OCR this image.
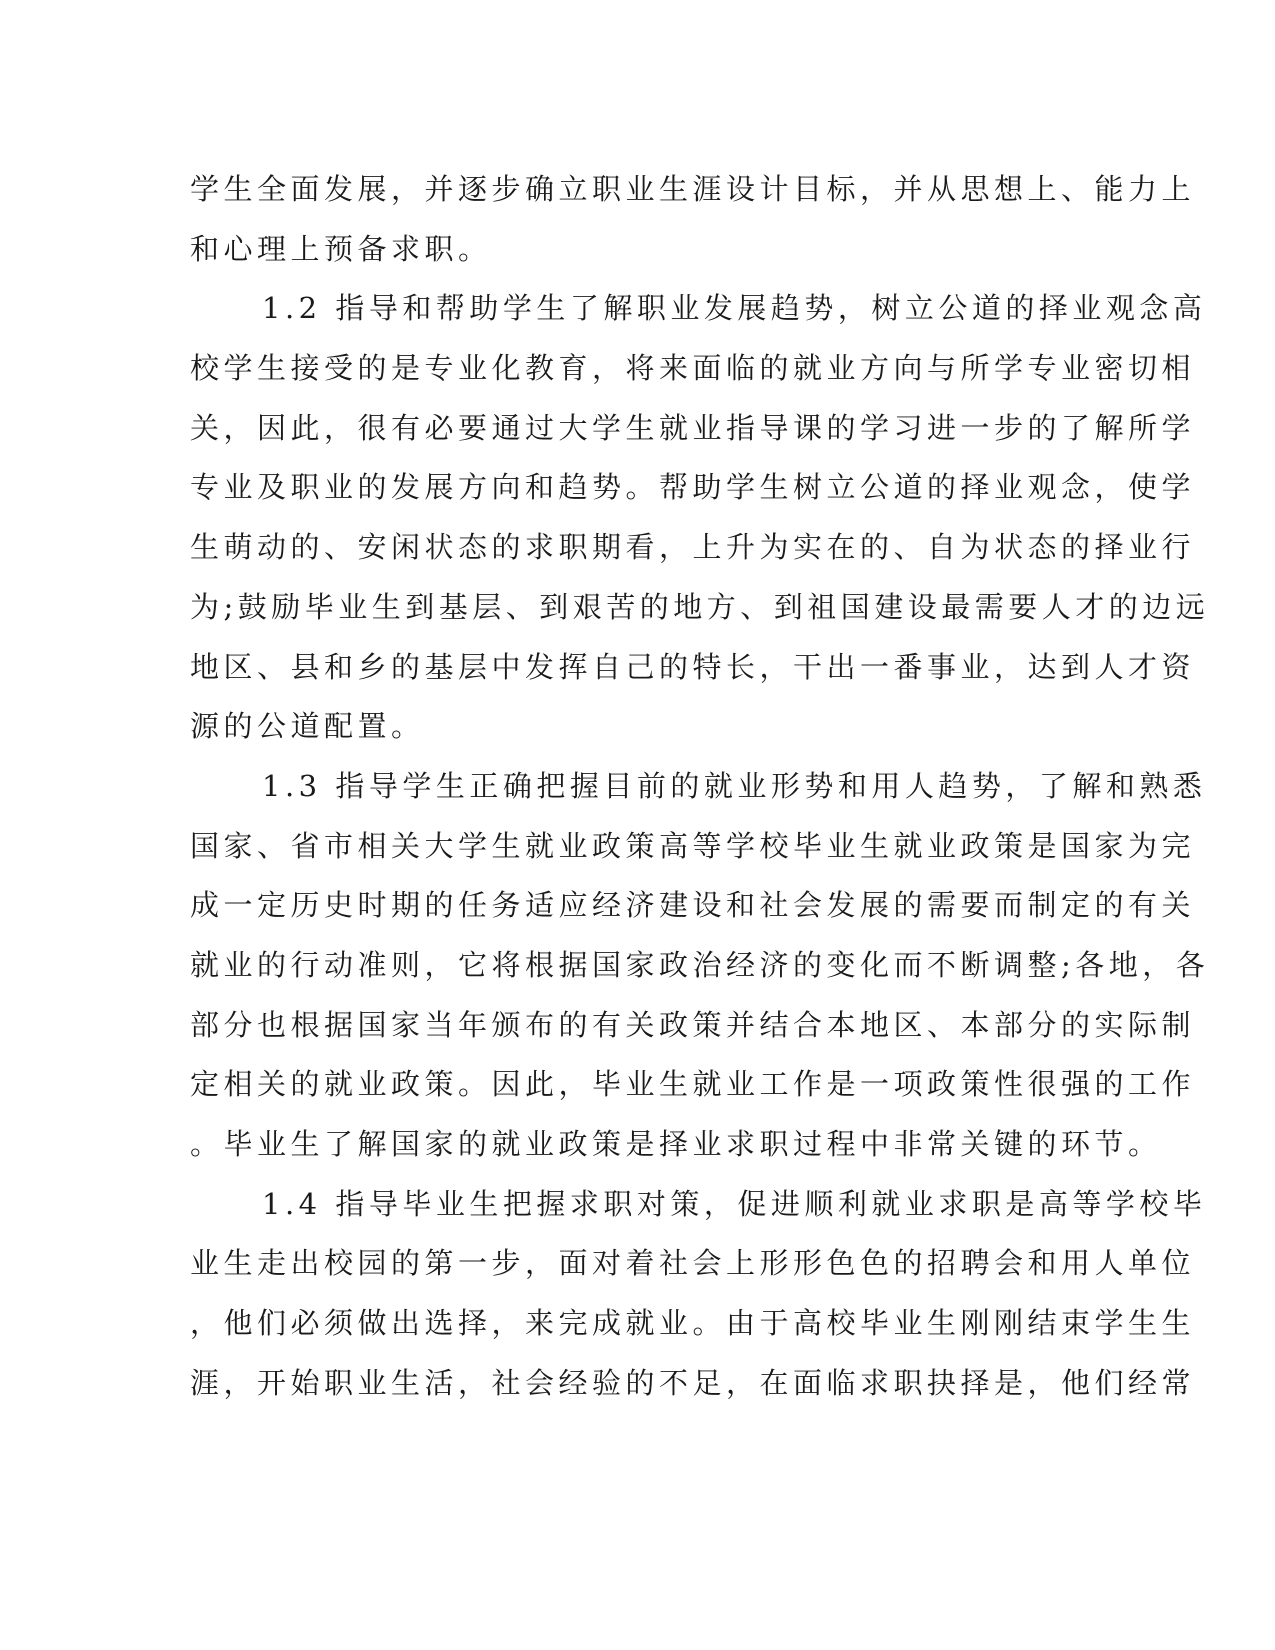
学生全面发展，并逐步确立职业生涯设计目标，并从思想上、能力上
和心理上预备求职。
1.2 指导和帮助学生了解职业发展趋势，树立公道的择业观念高
校学生接受的是专业化教育，将来面临的就业方向与所学专业密切相
关，因此，很有必要通过大学生就业指导课的学习进一步的了解所学
专业及职业的发展方向和趋势。帮助学生树立公道的择业观念，使学
生萌动的、安闲状态的求职期看，上升为实在的、自为状态的择业行
为;鼓励毕业生到基层、到艰苦的地方、到祖国建设最需要人才的边远
地区、县和乡的基层中发挥自己的特长，干出一番事业，达到人才资
源的公道配置。
1.3 指导学生正确把握目前的就业形势和用人趋势，了解和熟悉
国家、省市相关大学生就业政策高等学校毕业生就业政策是国家为完
成一定历史时期的任务适应经济建设和社会发展的需要而制定的有关
就业的行动准则，它将根据国家政治经济的变化而不断调整;各地，各
部分也根据国家当年颁布的有关政策并结合本地区、本部分的实际制
定相关的就业政策。因此，毕业生就业工作是一项政策性很强的工作
。毕业生了解国家的就业政策是择业求职过程中非常关键的环节。
1.4 指导毕业生把握求职对策，促进顺利就业求职是高等学校毕
业生走出校园的第一步，面对着社会上形形色色的招聘会和用人单位
，他们必须做出选择，来完成就业。由于高校毕业生刚刚结束学生生
涯，开始职业生活，社会经验的不足，在面临求职抉择是，他们经常
